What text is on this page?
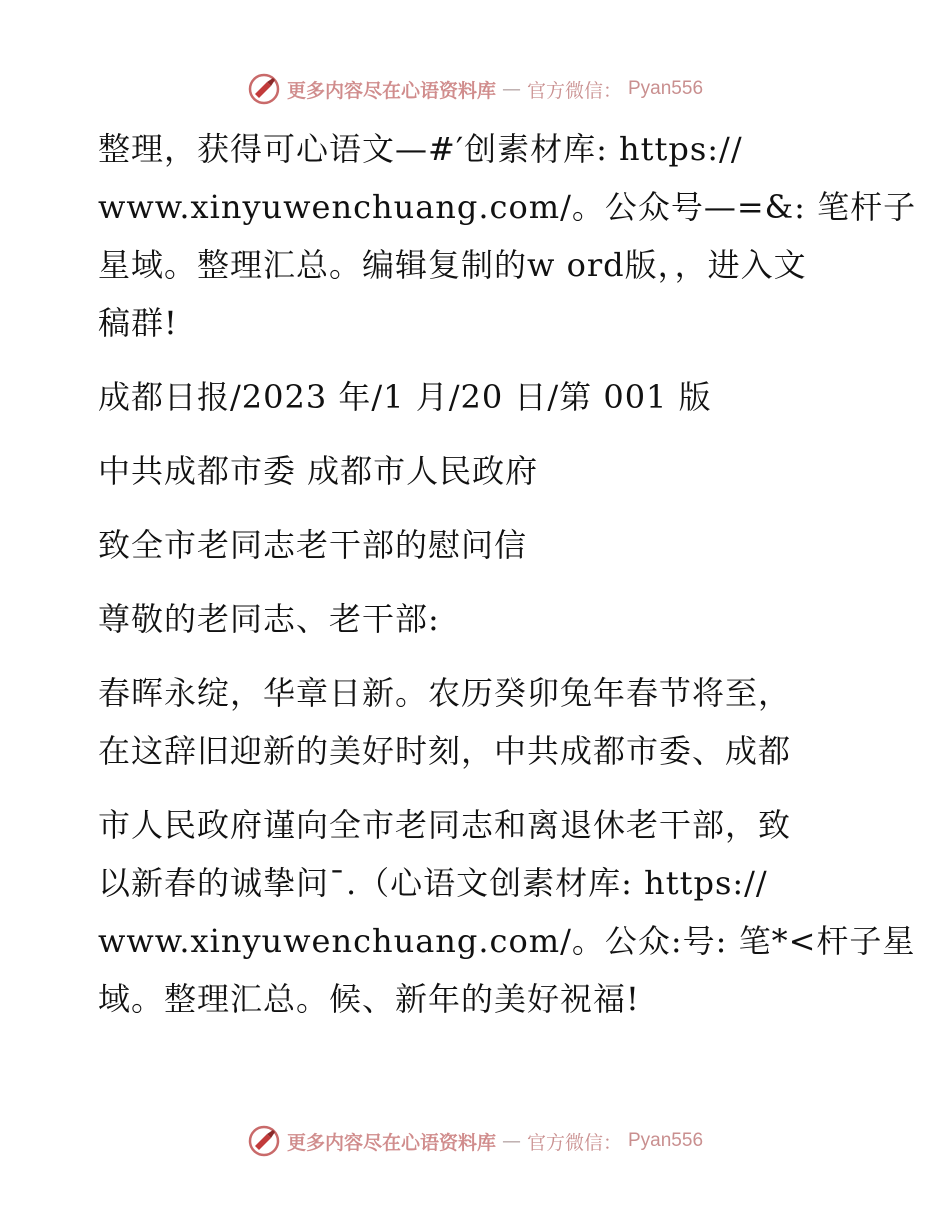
更多内容尽在心语资料库 — 官方微信： Pyan556

整理，获得可心语文—#′创素材库: https://
www.xinyuwenchuang.com/。公众号—=&: 笔杆子
星域。整理汇总。编辑复制的w ord版，，进入文
稿群!

成都日报/2023 年/1 月/20 日/第 001 版

中共成都市委 成都市人民政府

致全市老同志老干部的慰问信

尊敬的老同志、老干部:

春晖永绽，华章日新。农历癸卯兔年春节将至，
在这辞旧迎新的美好时刻，中共成都市委、成都

市人民政府谨向全市老同志和离退休老干部，致
以新春的诚挚问¯.（心语文创素材库: https://
www.xinyuwenchuang.com/。公众:号: 笔*<杆子星
域。整理汇总。候、新年的美好祝福!

更多内容尽在心语资料库 — 官方微信： Pyan556
